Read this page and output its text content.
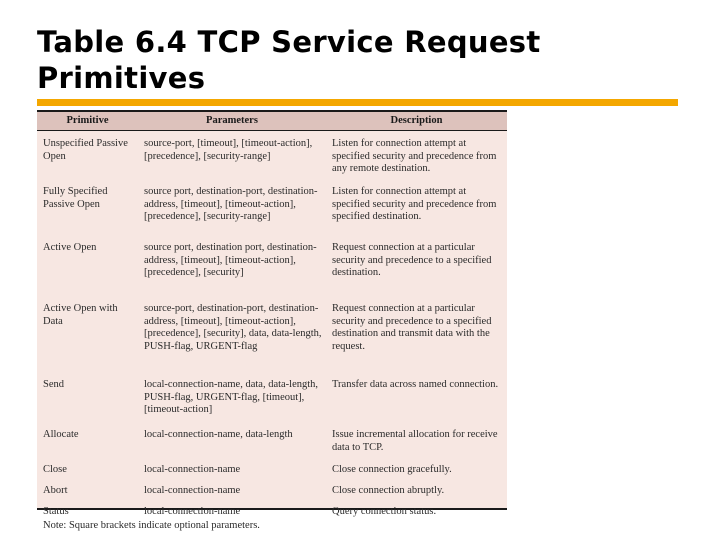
Table 6.4 TCP Service Request Primitives
Primitive	Parameters	Description
Unspecified Passive Open	source-port, [timeout], [timeout-action], [precedence], [security-range]	Listen for connection attempt at specified security and precedence from any remote destination.
Fully Specified Passive Open	source port, destination-port, destination-address, [timeout], [timeout-action], [precedence], [security-range]	Listen for connection attempt at specified security and precedence from specified destination.
Active Open	source port, destination port, destination-address, [timeout], [timeout-action], [precedence], [security]	Request connection at a particular security and precedence to a specified destination.
Active Open with Data	source-port, destination-port, destination-address, [timeout], [timeout-action], [precedence], [security], data, data-length, PUSH-flag, URGENT-flag	Request connection at a particular security and precedence to a specified destination and transmit data with the request.
Send	local-connection-name, data, data-length, PUSH-flag, URGENT-flag, [timeout], [timeout-action]	Transfer data across named connection.
Allocate	local-connection-name, data-length	Issue incremental allocation for receive data to TCP.
Close	local-connection-name	Close connection gracefully.
Abort	local-connection-name	Close connection abruptly.
Status	local-connection-name	Query connection status.
Note: Square brackets indicate optional parameters.
